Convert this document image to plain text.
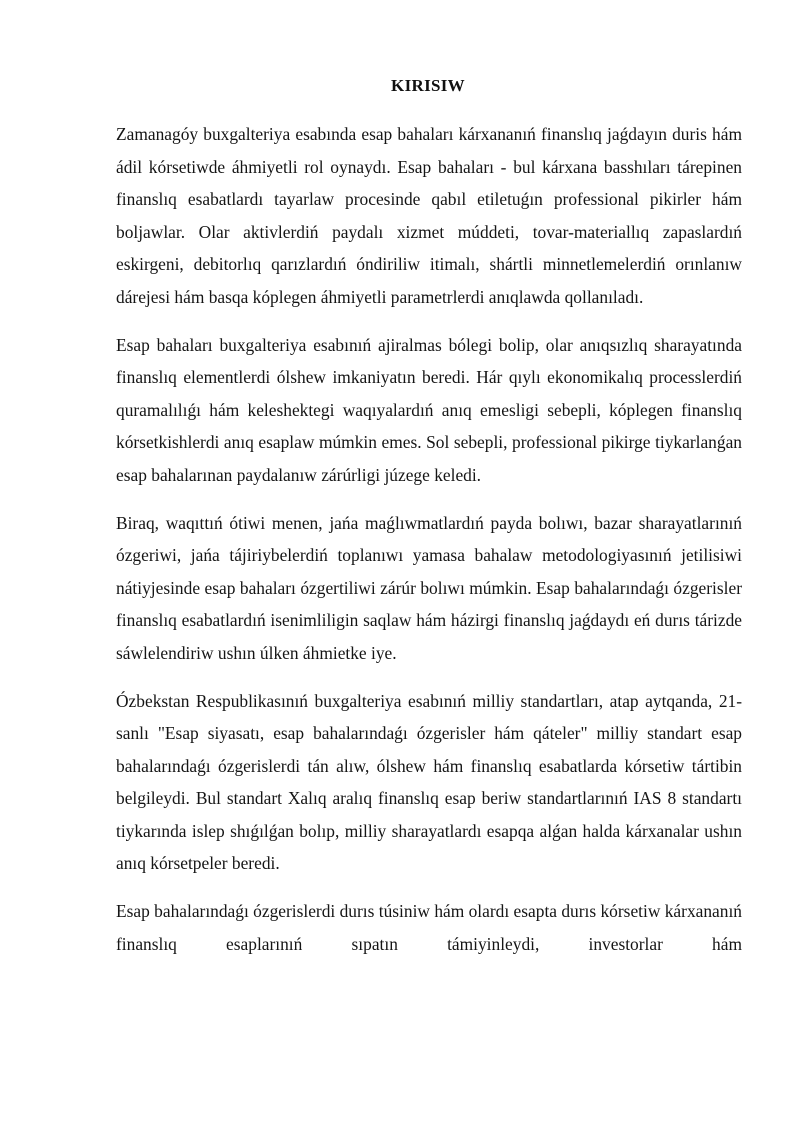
KIRISIW

Zamanagóy buxgalteriya esabında esap bahaları kárxananıń finanslıq jaǵdayın duris hám ádil kórsetiwde áhmiyetli rol oynaydı. Esap bahaları - bul kárxana basshıları tárepinen finanslıq esabatlardı tayarlaw procesinde qabıl etiletuǵın professional pikirler hám boljawlar. Olar aktivlerdiń paydalı xizmet múddeti, tovar-materiallıq zapaslardıń eskirgeni, debitorlıq qarızlardıń óndiriliw itimalı, shártli minnetlemelerdiń orınlanıw dárejesi hám basqa kóplegen áhmiyetli parametrlerdi anıqlawda qollanıladı.

Esap bahaları buxgalteriya esabınıń ajiralmas bólegi bolip, olar anıqsızlıq sharayatında finanslıq elementlerdi ólshew imkaniyatın beredi. Hár qıylı ekonomikalıq processlerdiń quramalılıǵı hám keleshektegi waqıyalardıń anıq emesligi sebepli, kóplegen finanslıq kórsetkishlerdi anıq esaplaw múmkin emes. Sol sebepli, professional pikirge tiykarlanǵan esap bahalarınan paydalanıw zárúrligi júzege keledi.

Biraq, waqıttıń ótiwi menen, jańa maǵlıwmatlardıń payda bolıwı, bazar sharayatlarınıń ózgeriwi, jańa tájiriybelerdiń toplanıwı yamasa bahalaw metodologiyasınıń jetilisiwi nátiyjesinde esap bahaları ózgertiliwi zárúr bolıwı múmkin. Esap bahalarındaǵı ózgerisler finanslıq esabatlardıń isenimliligin saqlaw hám házirgi finanslıq jaǵdaydı eń durıs tárizde sáwlelendiriw ushın úlken áhmietke iye.

Ózbekstan Respublikasınıń buxgalteriya esabınıń milliy standartları, atap aytqanda, 21-sanlı "Esap siyasatı, esap bahalarındaǵı ózgerisler hám qáteler" milliy standart esap bahalarındaǵı ózgerislerdi tán alıw, ólshew hám finanslıq esabatlarda kórsetiw tártibin belgileydi. Bul standart Xalıq aralıq finanslıq esap beriw standartlarınıń IAS 8 standartı tiykarında islep shıǵılǵan bolıp, milliy sharayatlardı esapqa alǵan halda kárxanalar ushın anıq kórsetpeler beredi.

Esap bahalarındaǵı ózgerislerdi durıs túsiniw hám olardı esapta durıs kórsetiw kárxananıń finanslıq esaplarınıń sıpatın támiyinleydi, investorlar hám
